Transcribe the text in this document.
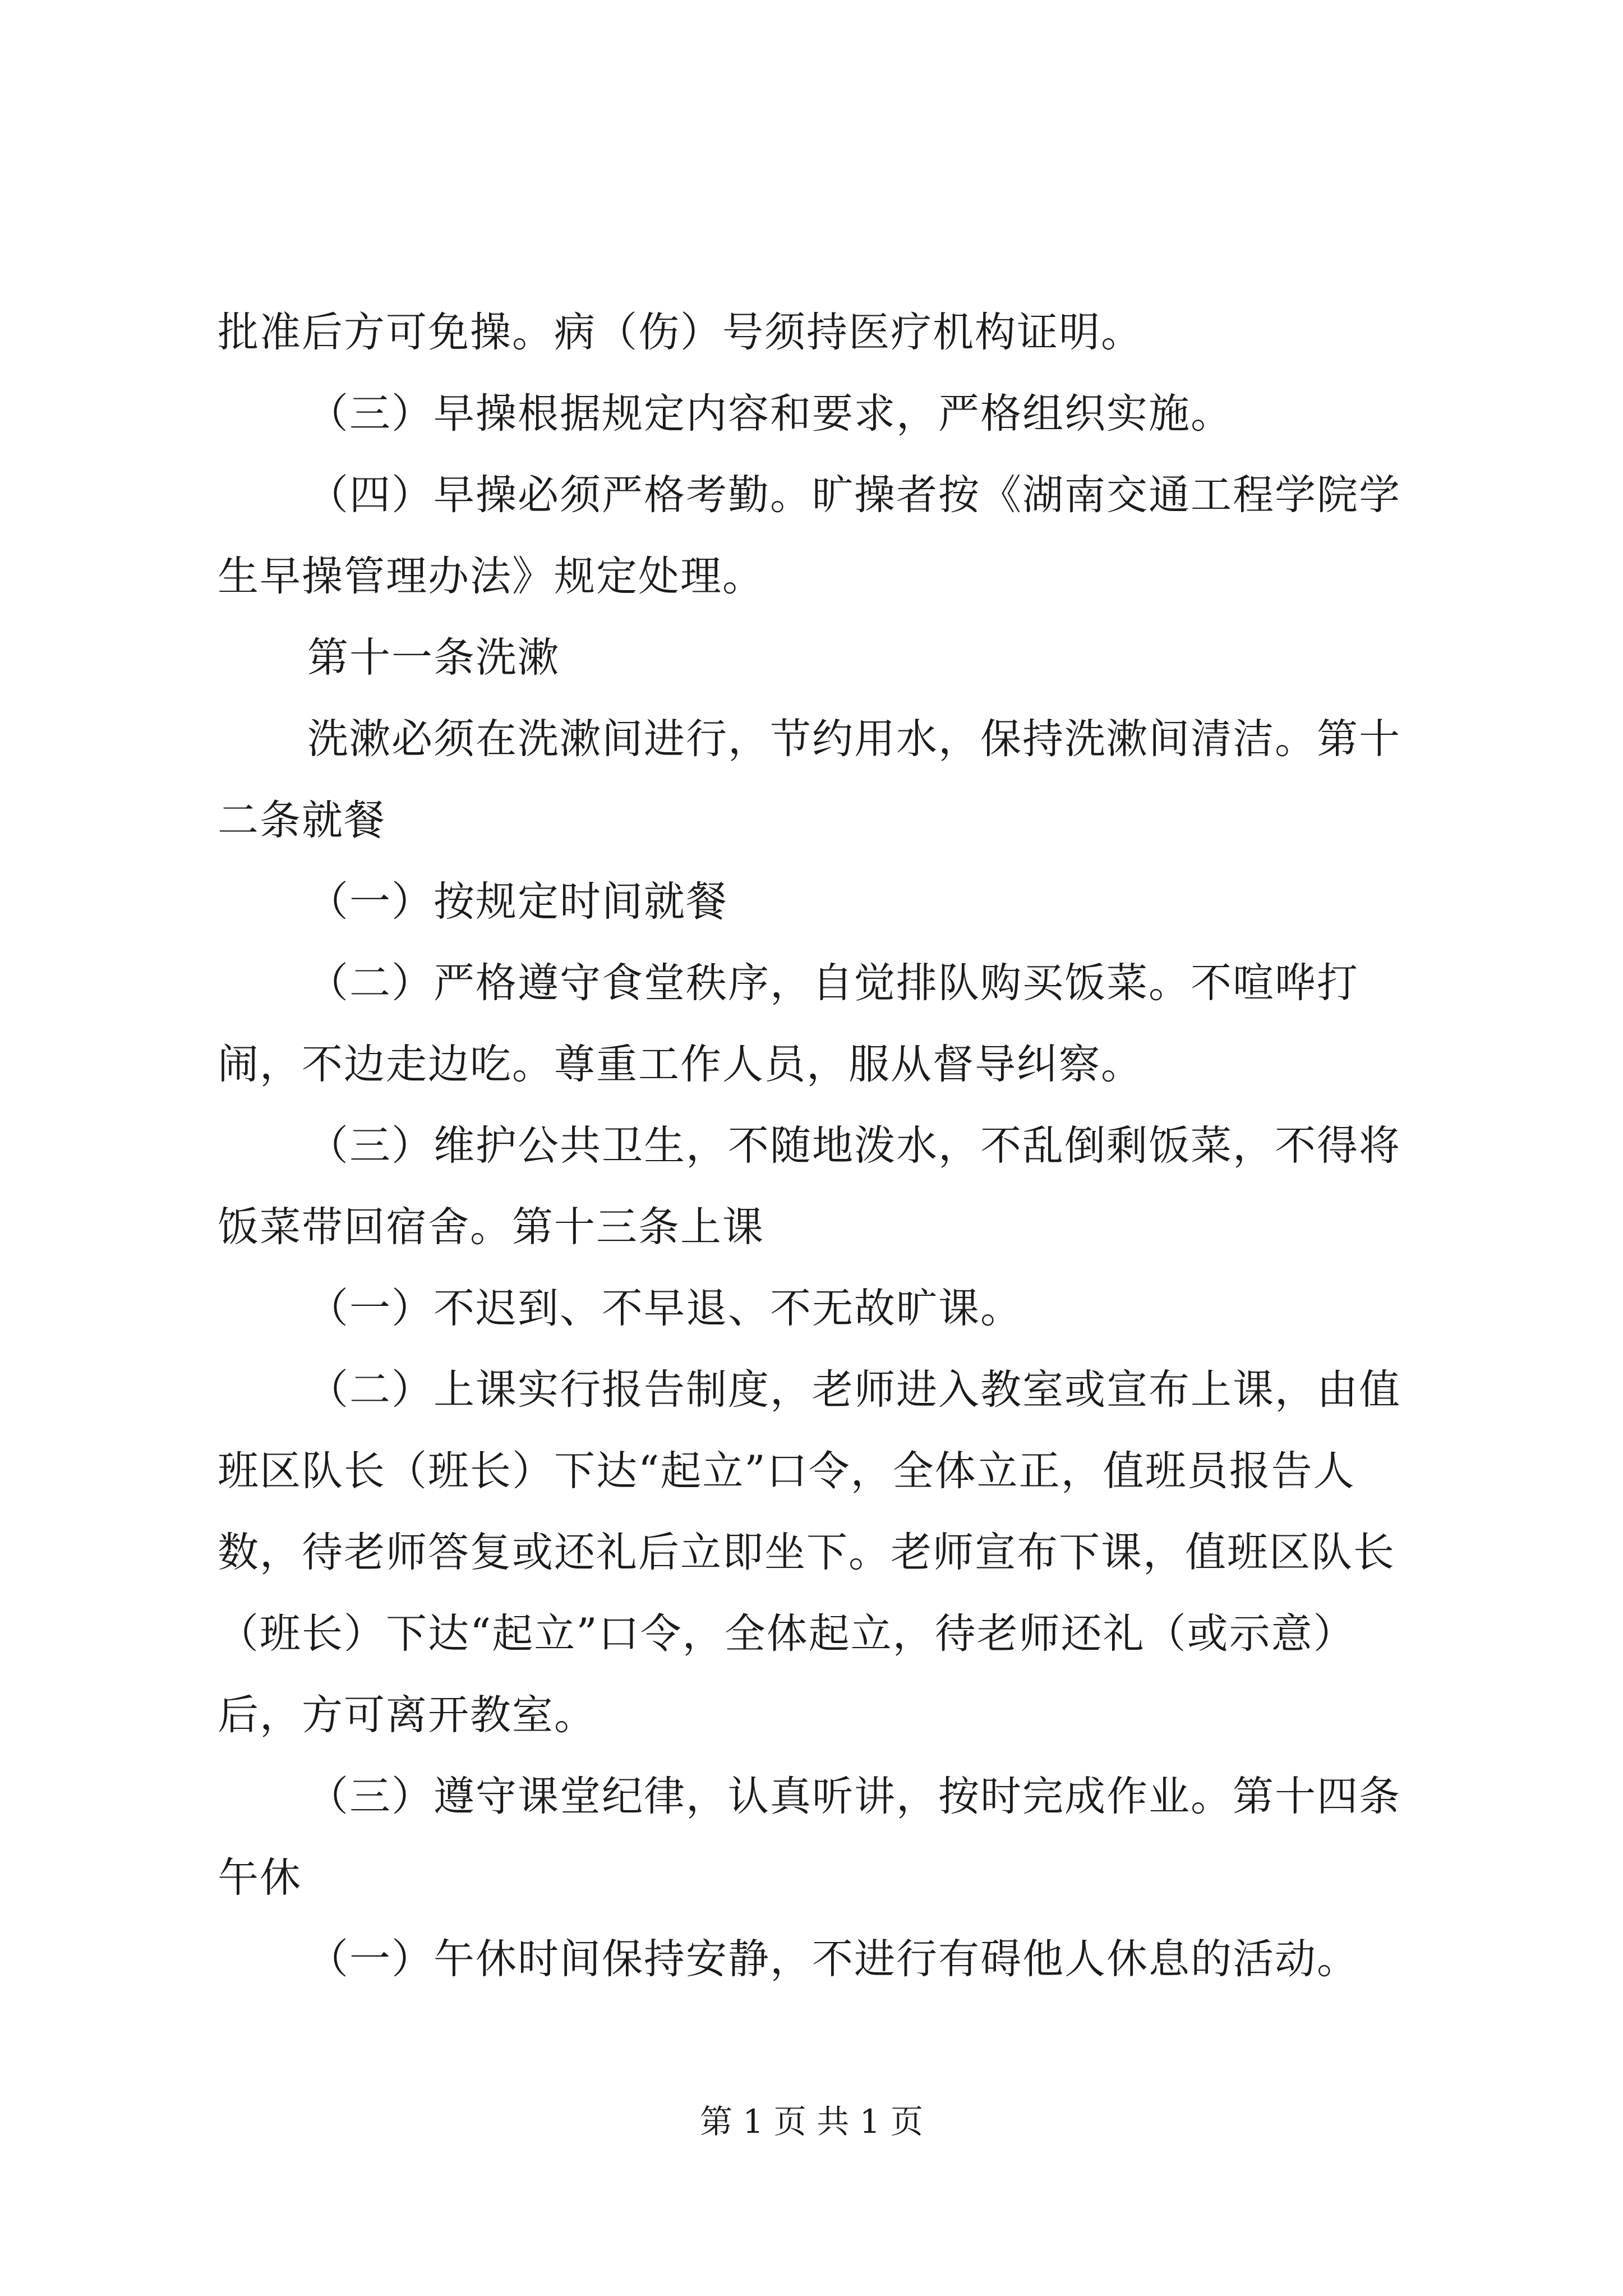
批准后方可免操。病（伤）号须持医疗机构证明。

（三）早操根据规定内容和要求，严格组织实施。

（四）早操必须严格考勤。旷操者按《湖南交通工程学院学生早操管理办法》规定处理。

第十一条洗漱

洗漱必须在洗漱间进行，节约用水，保持洗漱间清洁。第十二条就餐

（一）按规定时间就餐

（二）严格遵守食堂秩序，自觉排队购买饭菜。不喧哗打闹，不边走边吃。尊重工作人员，服从督导纠察。

（三）维护公共卫生，不随地泼水，不乱倒剩饭菜，不得将饭菜带回宿舍。第十三条上课

（一）不迟到、不早退、不无故旷课。

（二）上课实行报告制度，老师进入教室或宣布上课，由值班区队长（班长）下达“起立”口令，全体立正，值班员报告人数，待老师答复或还礼后立即坐下。老师宣布下课，值班区队长（班长）下达“起立”口令，全体起立，待老师还礼（或示意）后，方可离开教室。

（三）遵守课堂纪律，认真听讲，按时完成作业。第十四条午休

（一）午休时间保持安静，不进行有碍他人休息的活动。

第 1 页 共 1 页
